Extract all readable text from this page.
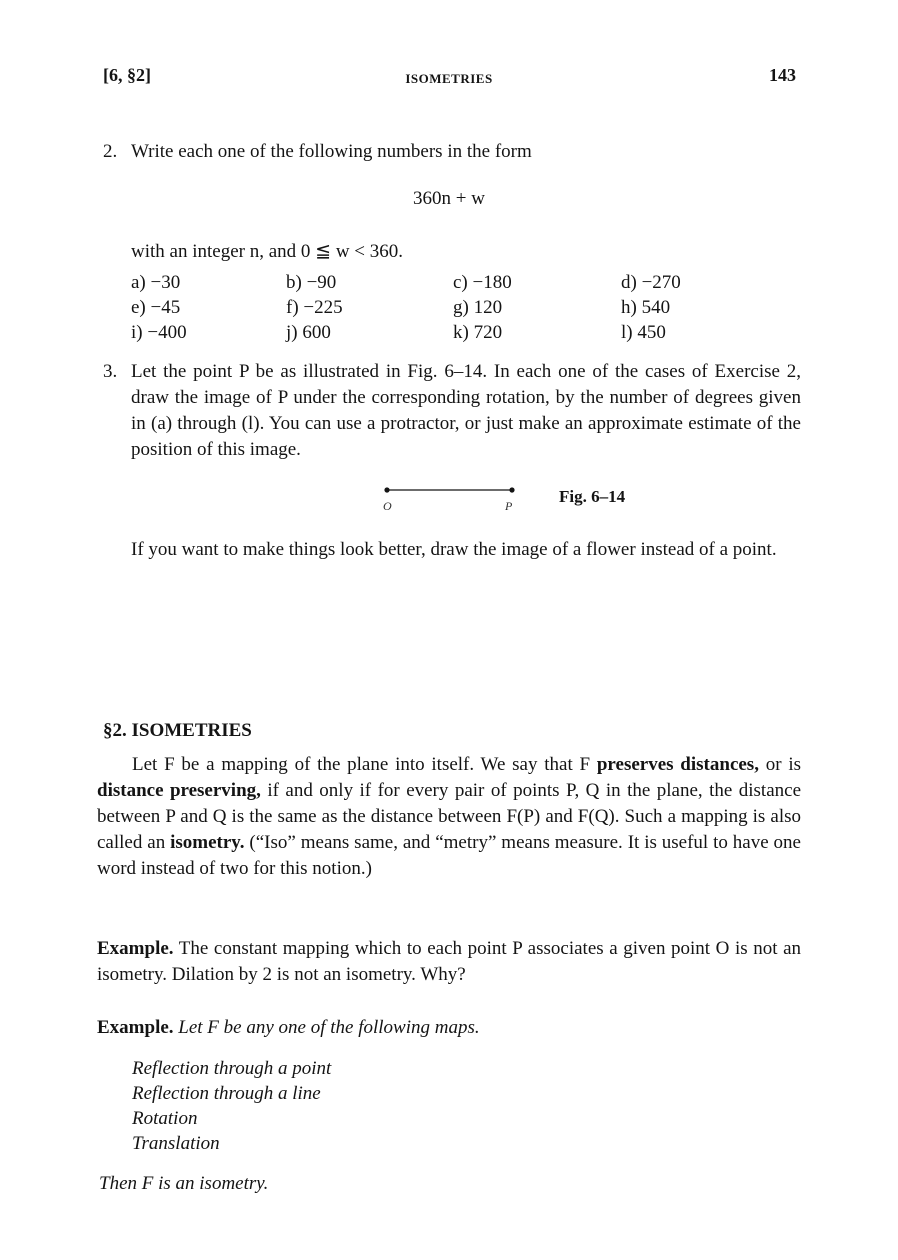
[6, §2]	ISOMETRIES	143
2. Write each one of the following numbers in the form
360n + w
with an integer n, and 0 ≦ w < 360.
a) −30	b) −90	c) −180	d) −270
e) −45	f) −225	g) 120	h) 540
i) −400	j) 600	k) 720	l) 450
3. Let the point P be as illustrated in Fig. 6–14. In each one of the cases of Exercise 2, draw the image of P under the corresponding rotation, by the number of degrees given in (a) through (l). You can use a protractor, or just make an approximate estimate of the position of this image.
O	P	Fig. 6–14
If you want to make things look better, draw the image of a flower instead of a point.
§2. ISOMETRIES
Let F be a mapping of the plane into itself. We say that F preserves distances, or is distance preserving, if and only if for every pair of points P, Q in the plane, the distance between P and Q is the same as the distance between F(P) and F(Q). Such a mapping is also called an isometry. (“Iso” means same, and “metry” means measure. It is useful to have one word instead of two for this notion.)
Example. The constant mapping which to each point P associates a given point O is not an isometry. Dilation by 2 is not an isometry. Why?
Example. Let F be any one of the following maps.
Reflection through a point
Reflection through a line
Rotation
Translation
Then F is an isometry.
